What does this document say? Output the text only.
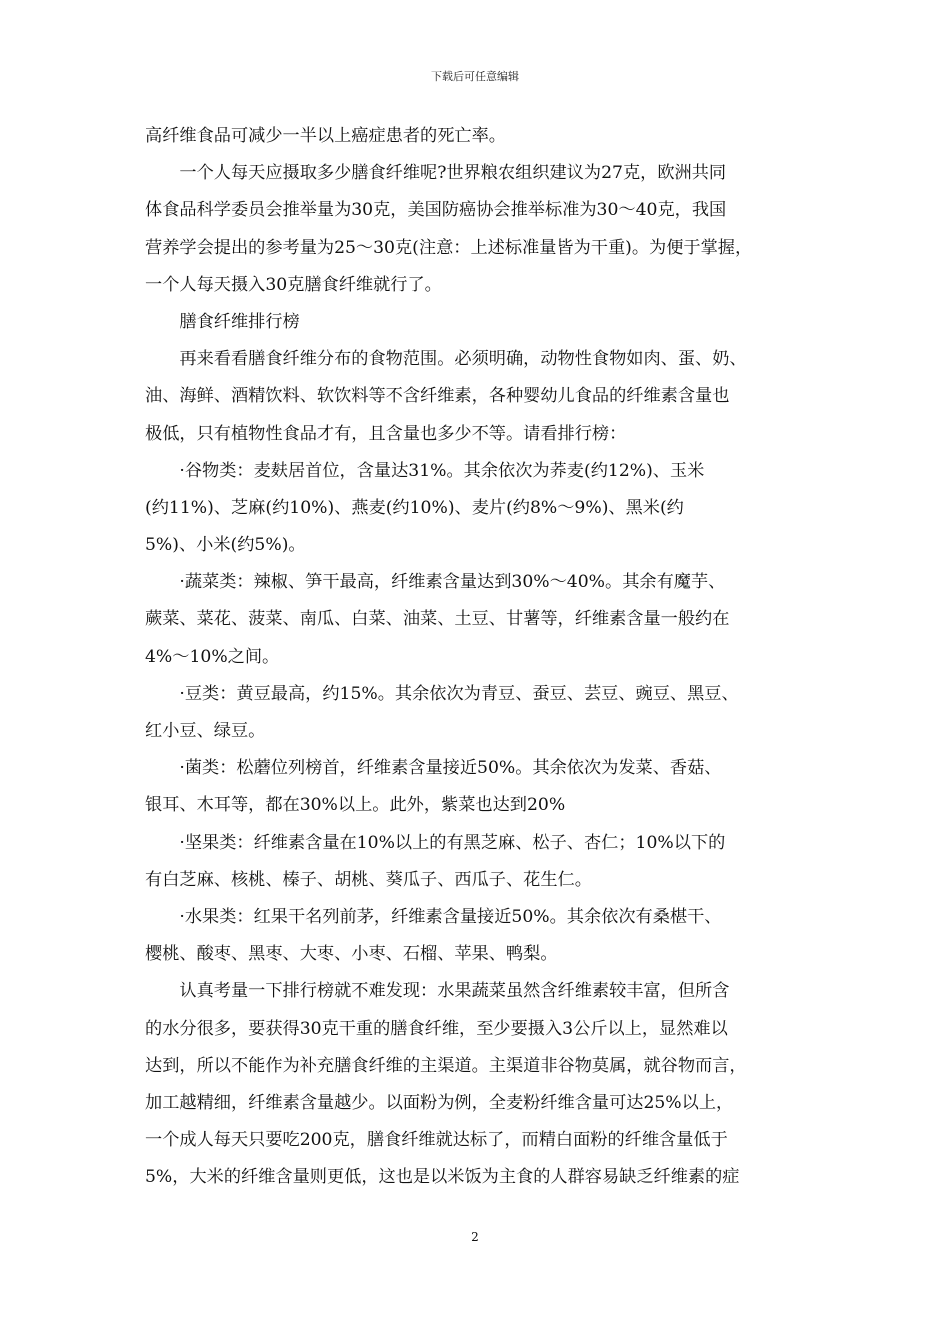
下载后可任意编辑
高纤维食品可减少一半以上癌症患者的死亡率。
一个人每天应摄取多少膳食纤维呢?世界粮农组织建议为27克，欧洲共同
体食品科学委员会推举量为30克，美国防癌协会推举标准为30～40克，我国
营养学会提出的参考量为25～30克(注意：上述标准量皆为干重)。为便于掌握，
一个人每天摄入30克膳食纤维就行了。
膳食纤维排行榜
再来看看膳食纤维分布的食物范围。必须明确，动物性食物如肉、蛋、奶、
油、海鲜、酒精饮料、软饮料等不含纤维素，各种婴幼儿食品的纤维素含量也
极低，只有植物性食品才有，且含量也多少不等。请看排行榜：
·谷物类：麦麸居首位，含量达31%。其余依次为荞麦(约12%)、玉米
(约11%)、芝麻(约10%)、燕麦(约10%)、麦片(约8%～9%)、黑米(约
5%)、小米(约5%)。
·蔬菜类：辣椒、笋干最高，纤维素含量达到30%～40%。其余有魔芋、
蕨菜、菜花、菠菜、南瓜、白菜、油菜、土豆、甘薯等，纤维素含量一般约在
4%～10%之间。
·豆类：黄豆最高，约15%。其余依次为青豆、蚕豆、芸豆、豌豆、黑豆、
红小豆、绿豆。
·菌类：松蘑位列榜首，纤维素含量接近50%。其余依次为发菜、香菇、
银耳、木耳等，都在30%以上。此外，紫菜也达到20%
·坚果类：纤维素含量在10%以上的有黑芝麻、松子、杏仁；10%以下的
有白芝麻、核桃、榛子、胡桃、葵瓜子、西瓜子、花生仁。
·水果类：红果干名列前茅，纤维素含量接近50%。其余依次有桑椹干、
樱桃、酸枣、黑枣、大枣、小枣、石榴、苹果、鸭梨。
认真考量一下排行榜就不难发现：水果蔬菜虽然含纤维素较丰富，但所含
的水分很多，要获得30克干重的膳食纤维，至少要摄入3公斤以上，显然难以
达到，所以不能作为补充膳食纤维的主渠道。主渠道非谷物莫属，就谷物而言，
加工越精细，纤维素含量越少。以面粉为例，全麦粉纤维含量可达25%以上，
一个成人每天只要吃200克，膳食纤维就达标了，而精白面粉的纤维含量低于
5%，大米的纤维含量则更低，这也是以米饭为主食的人群容易缺乏纤维素的症
2
